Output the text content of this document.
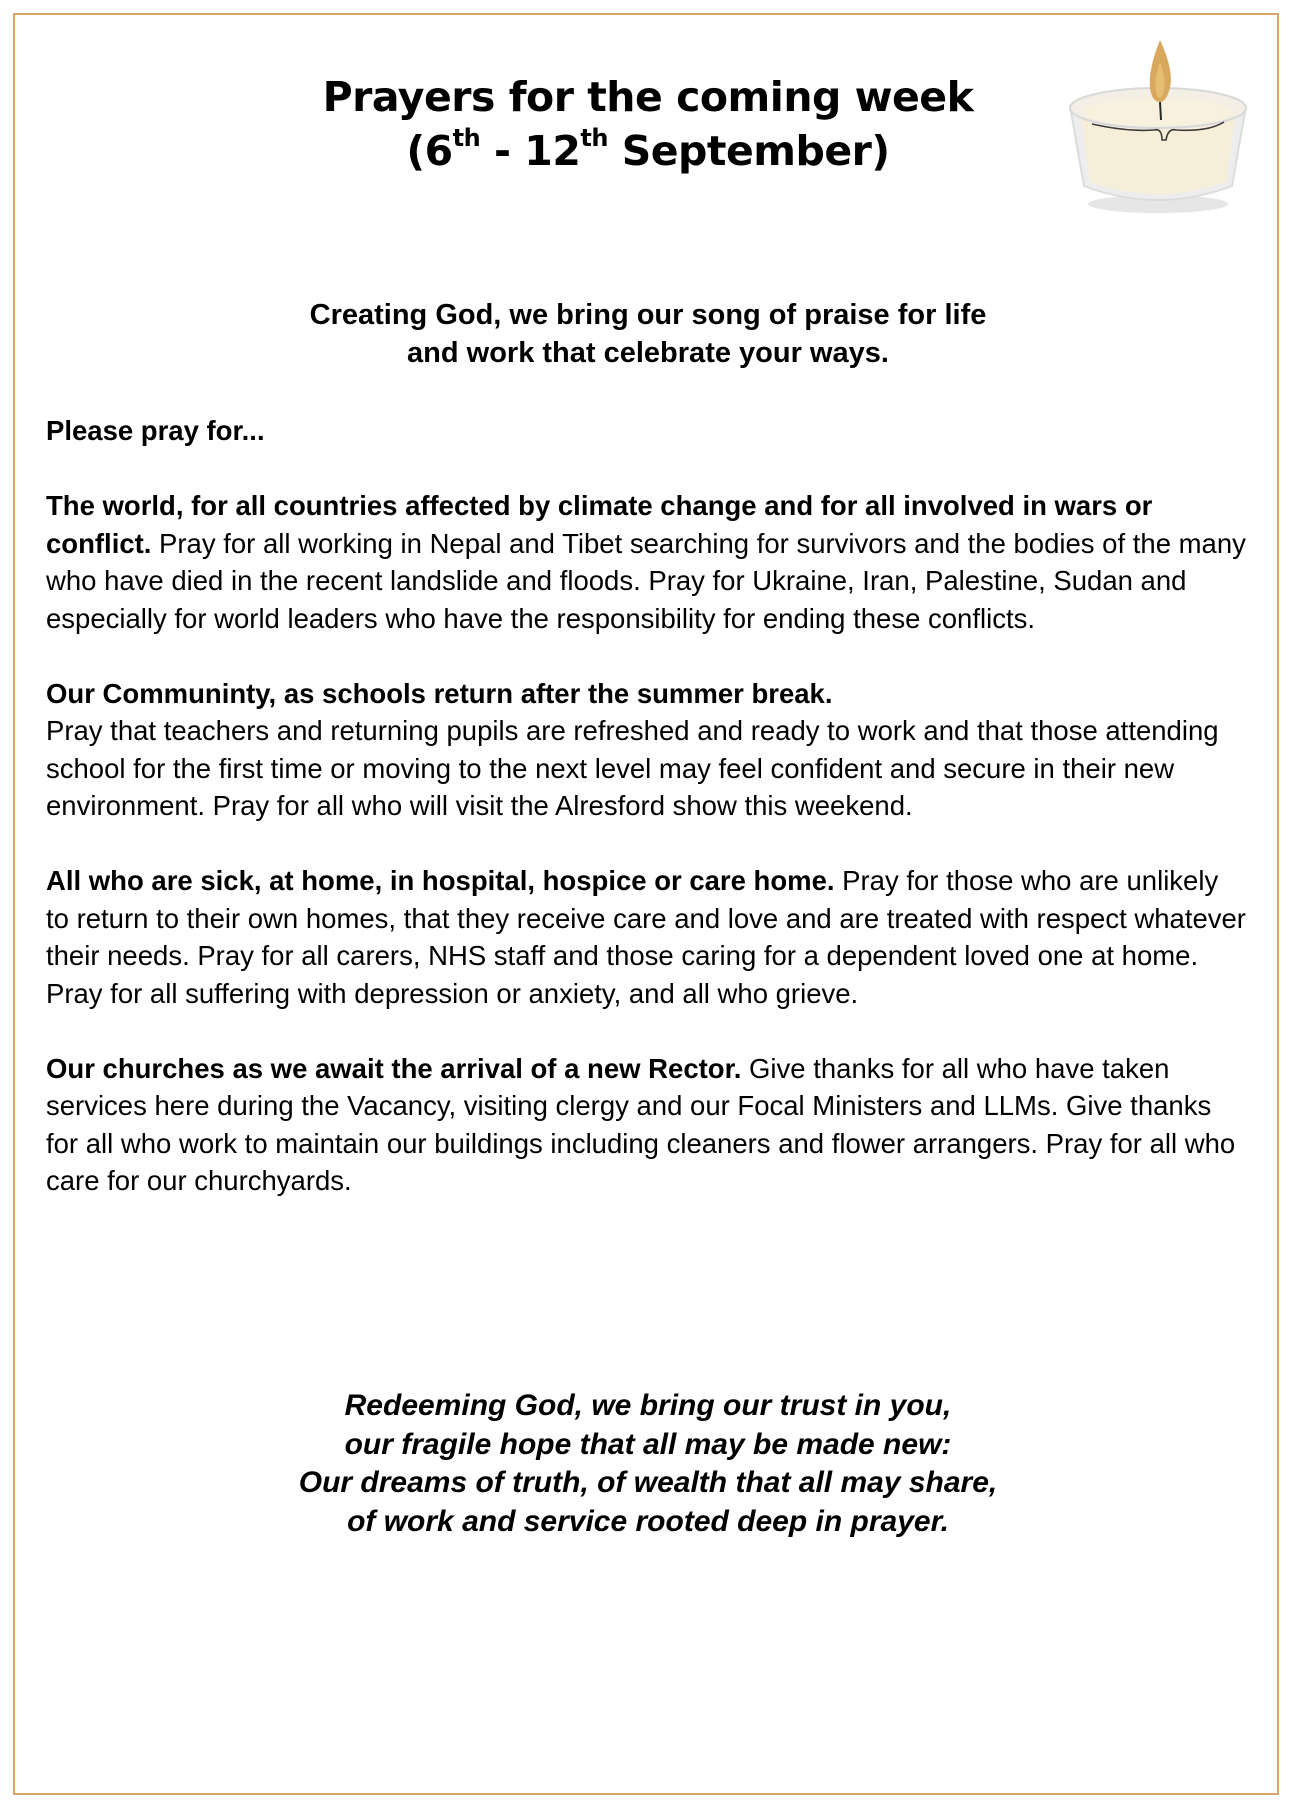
Prayers for the coming week
(6th - 12th September)
Creating God, we bring our song of praise for life
and work that celebrate your ways.

Please pray for...

The world, for all countries affected by climate change and for all involved in wars or conflict. Pray for all working in Nepal and Tibet searching for survivors and the bodies of the many who have died in the recent landslide and floods. Pray for Ukraine, Iran, Palestine, Sudan and especially for world leaders who have the responsibility for ending these conflicts.

Our Communinty, as schools return after the summer break.
Pray that teachers and returning pupils are refreshed and ready to work and that those attending school for the first time or moving to the next level may feel confident and secure in their new environment. Pray for all who will visit the Alresford show this weekend.

All who are sick, at home, in hospital, hospice or care home. Pray for those who are unlikely to return to their own homes, that they receive care and love and are treated with respect whatever their needs. Pray for all carers, NHS staff and those caring for a dependent loved one at home. Pray for all suffering with depression or anxiety, and all who grieve.

Our churches as we await the arrival of a new Rector. Give thanks for all who have taken services here during the Vacancy, visiting clergy and our Focal Ministers and LLMs. Give thanks for all who work to maintain our buildings including cleaners and flower arrangers. Pray for all who care for our churchyards.

Redeeming God, we bring our trust in you,
our fragile hope that all may be made new:
Our dreams of truth, of wealth that all may share,
of work and service rooted deep in prayer.
